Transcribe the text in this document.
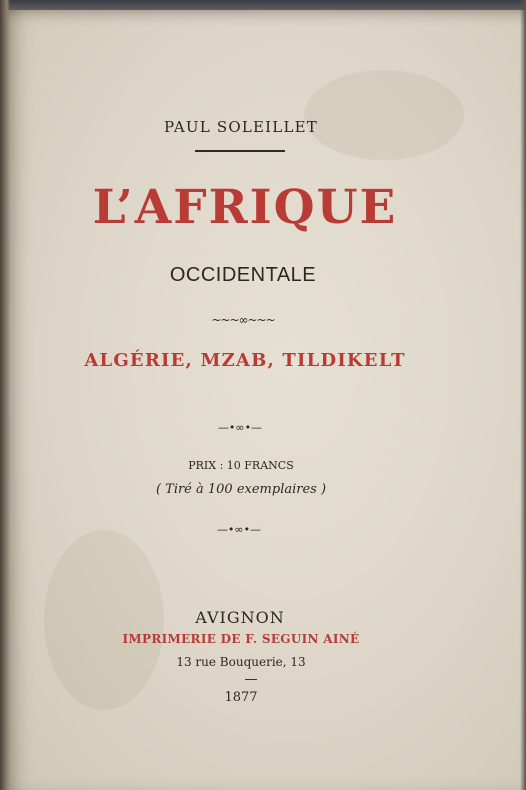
PAUL SOLEILLET
L’AFRIQUE
OCCIDENTALE
~~~∞~~~
ALGÉRIE, MZAB, TILDIKELT
—•∞•—
PRIX : 10 FRANCS
( Tiré à 100 exemplaires )
—•∞•—
AVIGNON
IMPRIMERIE DE F. SEGUIN AINÉ
13 rue Bouquerie, 13
1877
